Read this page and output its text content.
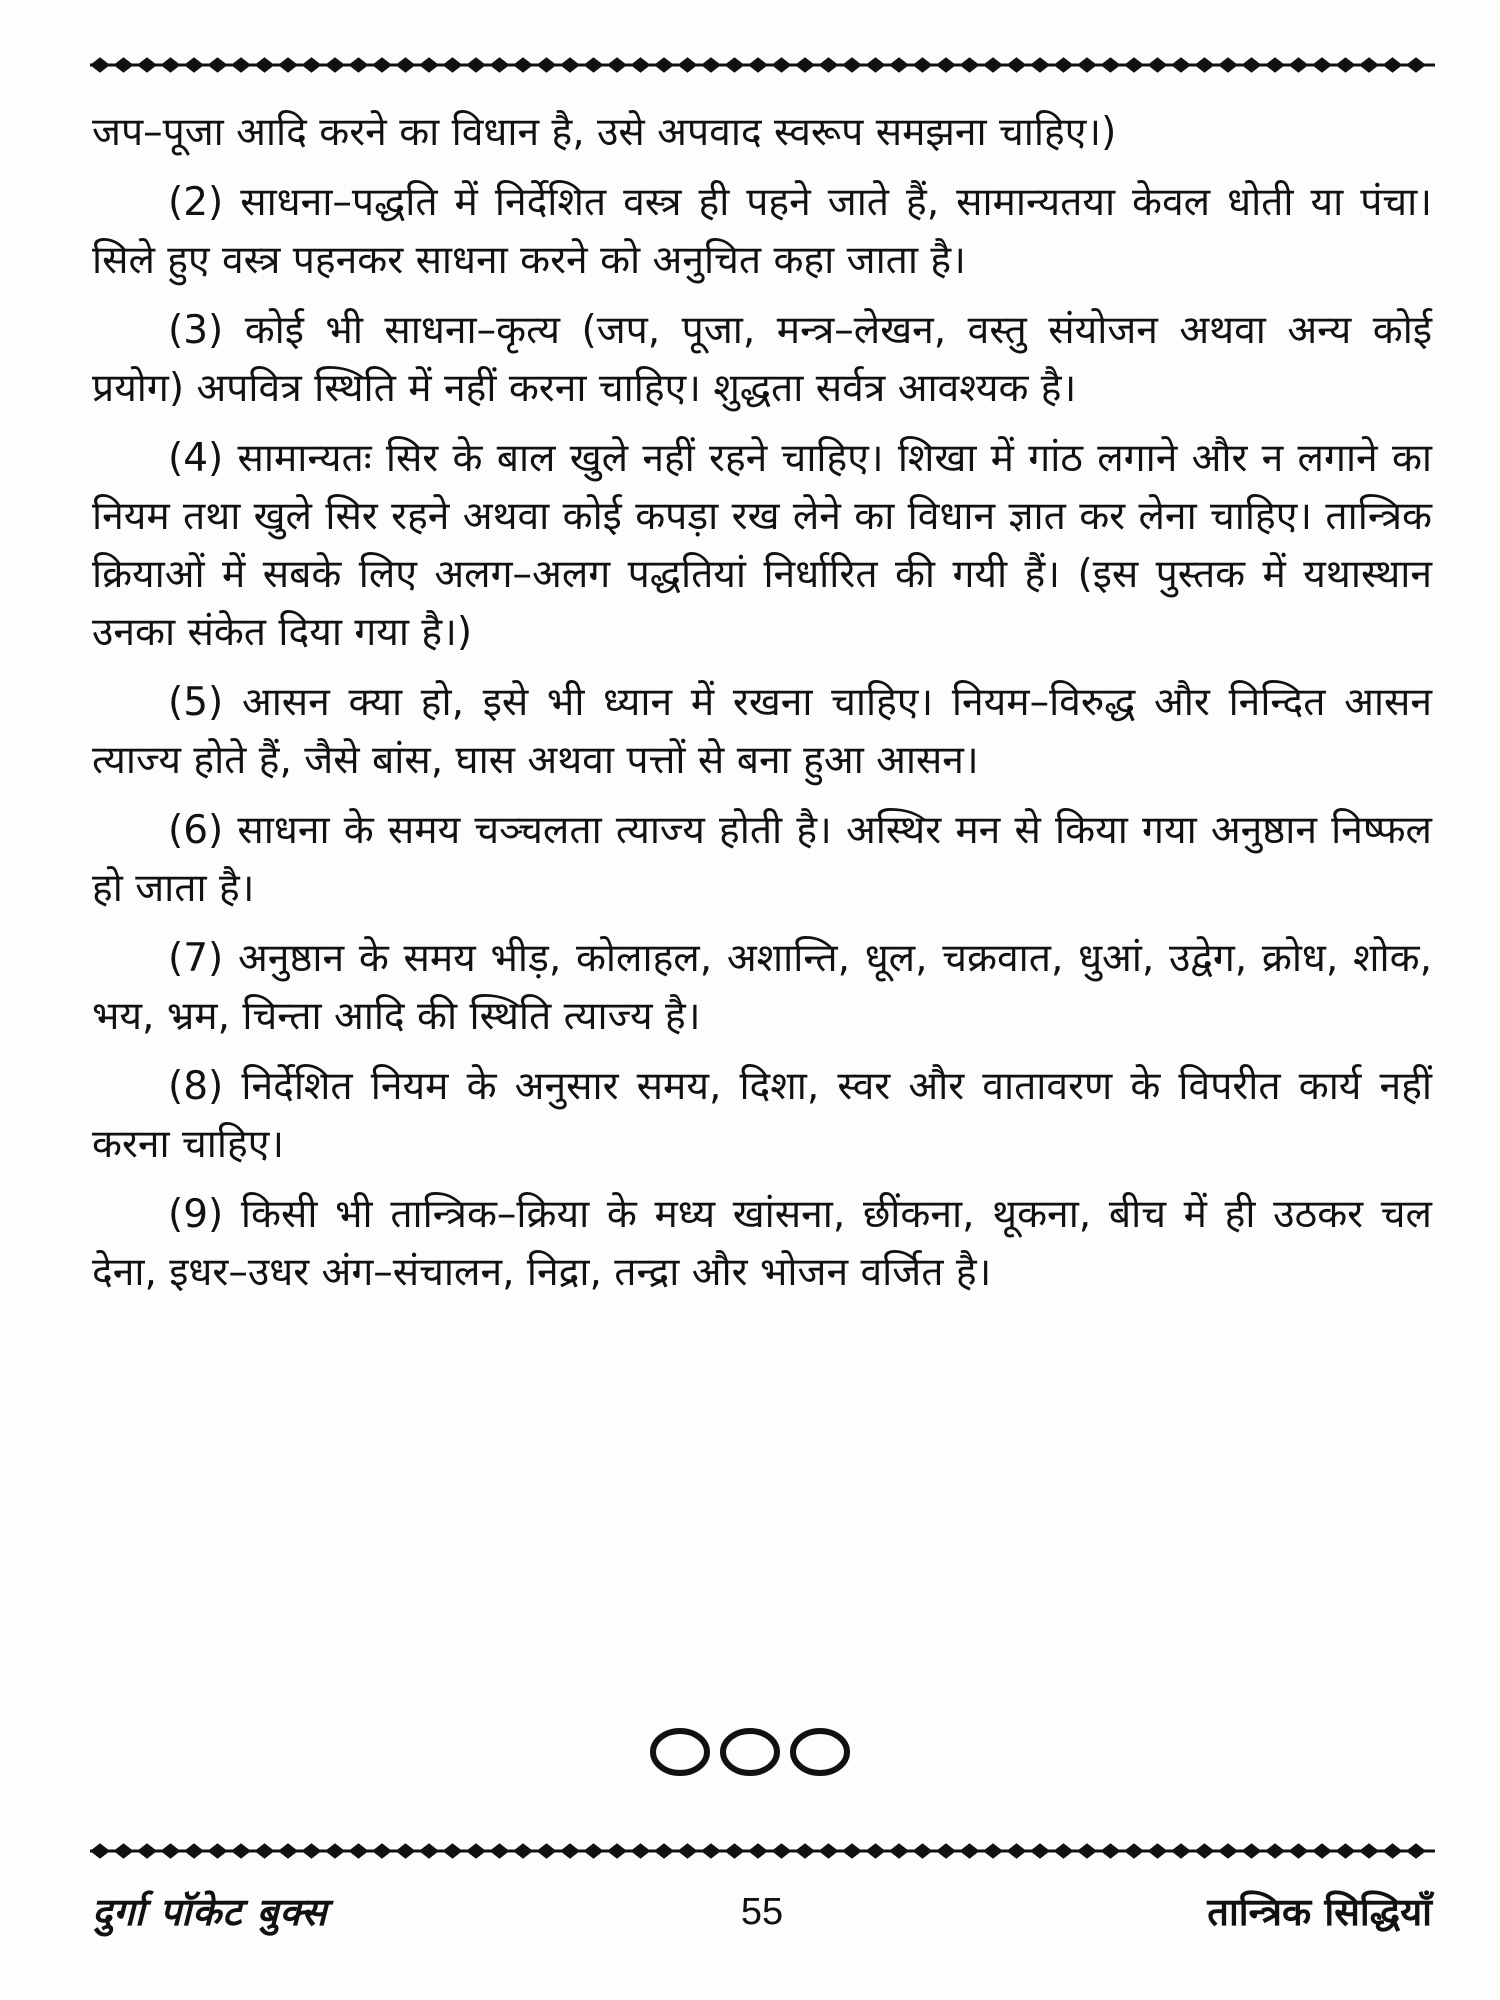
जप–पूजा आदि करने का विधान है, उसे अपवाद स्वरूप समझना चाहिए।)

(2) साधना–पद्धति में निर्देशित वस्त्र ही पहने जाते हैं, सामान्यतया केवल धोती या पंचा। सिले हुए वस्त्र पहनकर साधना करने को अनुचित कहा जाता है।

(3) कोई भी साधना–कृत्य (जप, पूजा, मन्त्र–लेखन, वस्तु संयोजन अथवा अन्य कोई प्रयोग) अपवित्र स्थिति में नहीं करना चाहिए। शुद्धता सर्वत्र आवश्यक है।

(4) सामान्यतः सिर के बाल खुले नहीं रहने चाहिए। शिखा में गांठ लगाने और न लगाने का नियम तथा खुले सिर रहने अथवा कोई कपड़ा रख लेने का विधान ज्ञात कर लेना चाहिए। तान्त्रिक क्रियाओं में सबके लिए अलग–अलग पद्धतियां निर्धारित की गयी हैं। (इस पुस्तक में यथास्थान उनका संकेत दिया गया है।)

(5) आसन क्या हो, इसे भी ध्यान में रखना चाहिए। नियम–विरुद्ध और निन्दित आसन त्याज्य होते हैं, जैसे बांस, घास अथवा पत्तों से बना हुआ आसन।

(6) साधना के समय चञ्चलता त्याज्य होती है। अस्थिर मन से किया गया अनुष्ठान निष्फल हो जाता है।

(7) अनुष्ठान के समय भीड़, कोलाहल, अशान्ति, धूल, चक्रवात, धुआं, उद्वेग, क्रोध, शोक, भय, भ्रम, चिन्ता आदि की स्थिति त्याज्य है।

(8) निर्देशित नियम के अनुसार समय, दिशा, स्वर और वातावरण के विपरीत कार्य नहीं करना चाहिए।

(9) किसी भी तान्त्रिक–क्रिया के मध्य खांसना, छींकना, थूकना, बीच में ही उठकर चल देना, इधर–उधर अंग–संचालन, निद्रा, तन्द्रा और भोजन वर्जित है।

दुर्गा पॉकेट बुक्स	55	तान्त्रिक सिद्धियाँ
